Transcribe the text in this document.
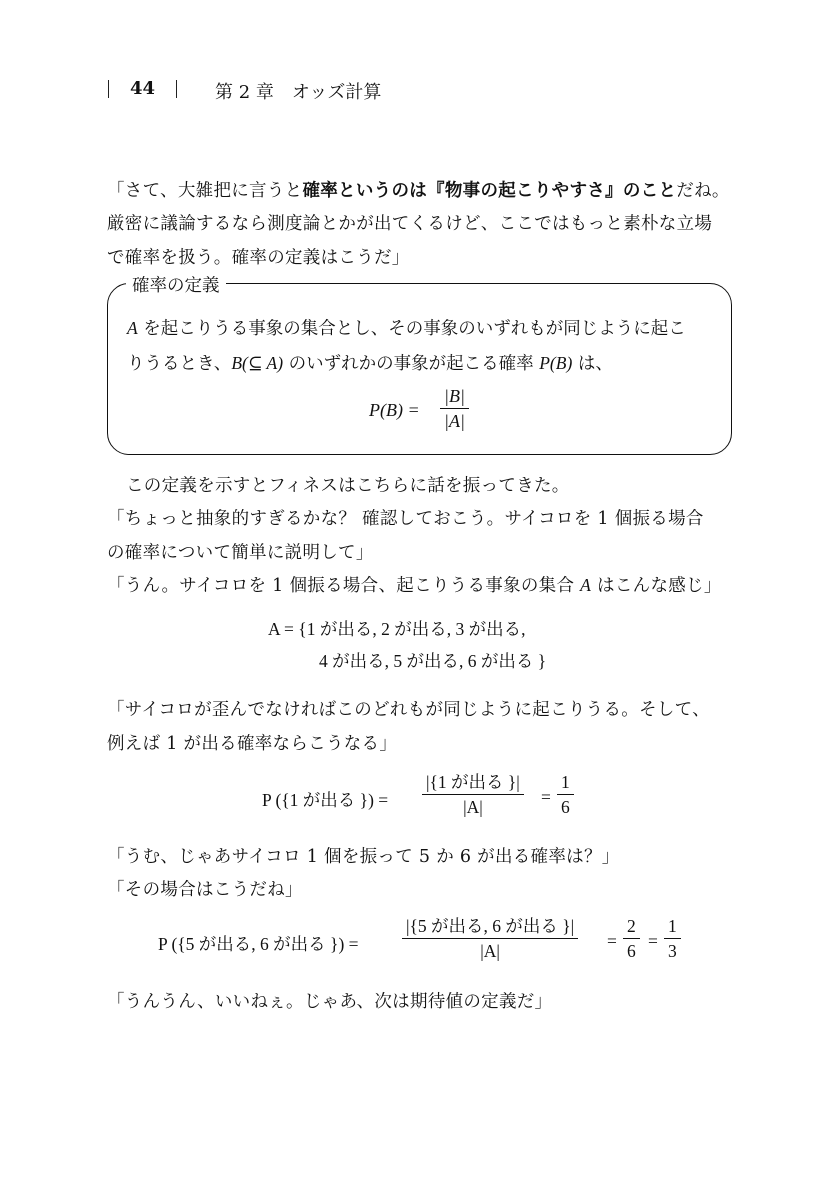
44	第 2 章　オッズ計算
「さて、大雑把に言うと確率というのは『物事の起こりやすさ』のことだね。
厳密に議論するなら測度論とかが出てくるけど、ここではもっと素朴な立場
で確率を扱う。確率の定義はこうだ」
確率の定義
A を起こりうる事象の集合とし、その事象のいずれもが同じように起こ
りうるとき、B(⊆ A) のいずれかの事象が起こる確率 P(B) は、
P(B) =
|B|
|A|
この定義を示すとフィネスはこちらに話を振ってきた。
「ちょっと抽象的すぎるかな？ 確認しておこう。サイコロを 1 個振る場合
の確率について簡単に説明して」
「うん。サイコロを 1 個振る場合、起こりうる事象の集合 A はこんな感じ」
A = {1 が出る, 2 が出る, 3 が出る,
4 が出る, 5 が出る, 6 が出る }
「サイコロが歪んでなければこのどれもが同じように起こりうる。そして、
例えば 1 が出る確率ならこうなる」
P ({1 が出る }) =
|{1 が出る }|
|A|	=
1
6
「うむ、じゃあサイコロ 1 個を振って 5 か 6 が出る確率は？」
「その場合はこうだね」
P ({5 が出る, 6 が出る }) =
|{5 が出る, 6 が出る }|
|A|	=
2
6 =
1
3
「うんうん、いいねぇ。じゃあ、次は期待値の定義だ」
